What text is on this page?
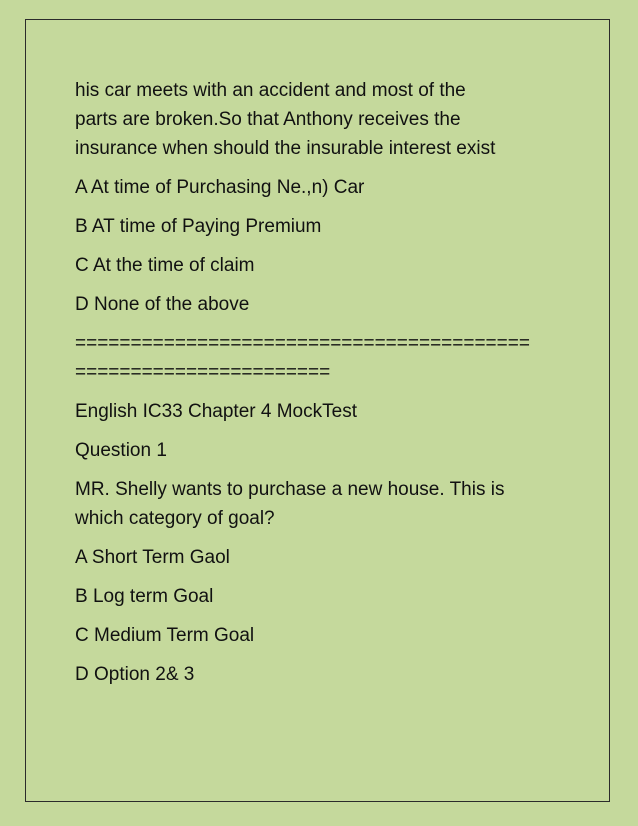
his car meets with an accident and most of the

parts are broken.So that Anthony receives the

insurance when should the insurable interest exist

A At time of Purchasing Ne.,n) Car

B AT time of Paying Premium

C At the time of claim

D None of the above

=========================================

=======================

English IC33 Chapter 4 MockTest

Question 1

MR. Shelly wants to purchase a new house. This is

which category of goal?

A Short Term Gaol

B Log term Goal

C Medium Term Goal

D Option 2& 3
